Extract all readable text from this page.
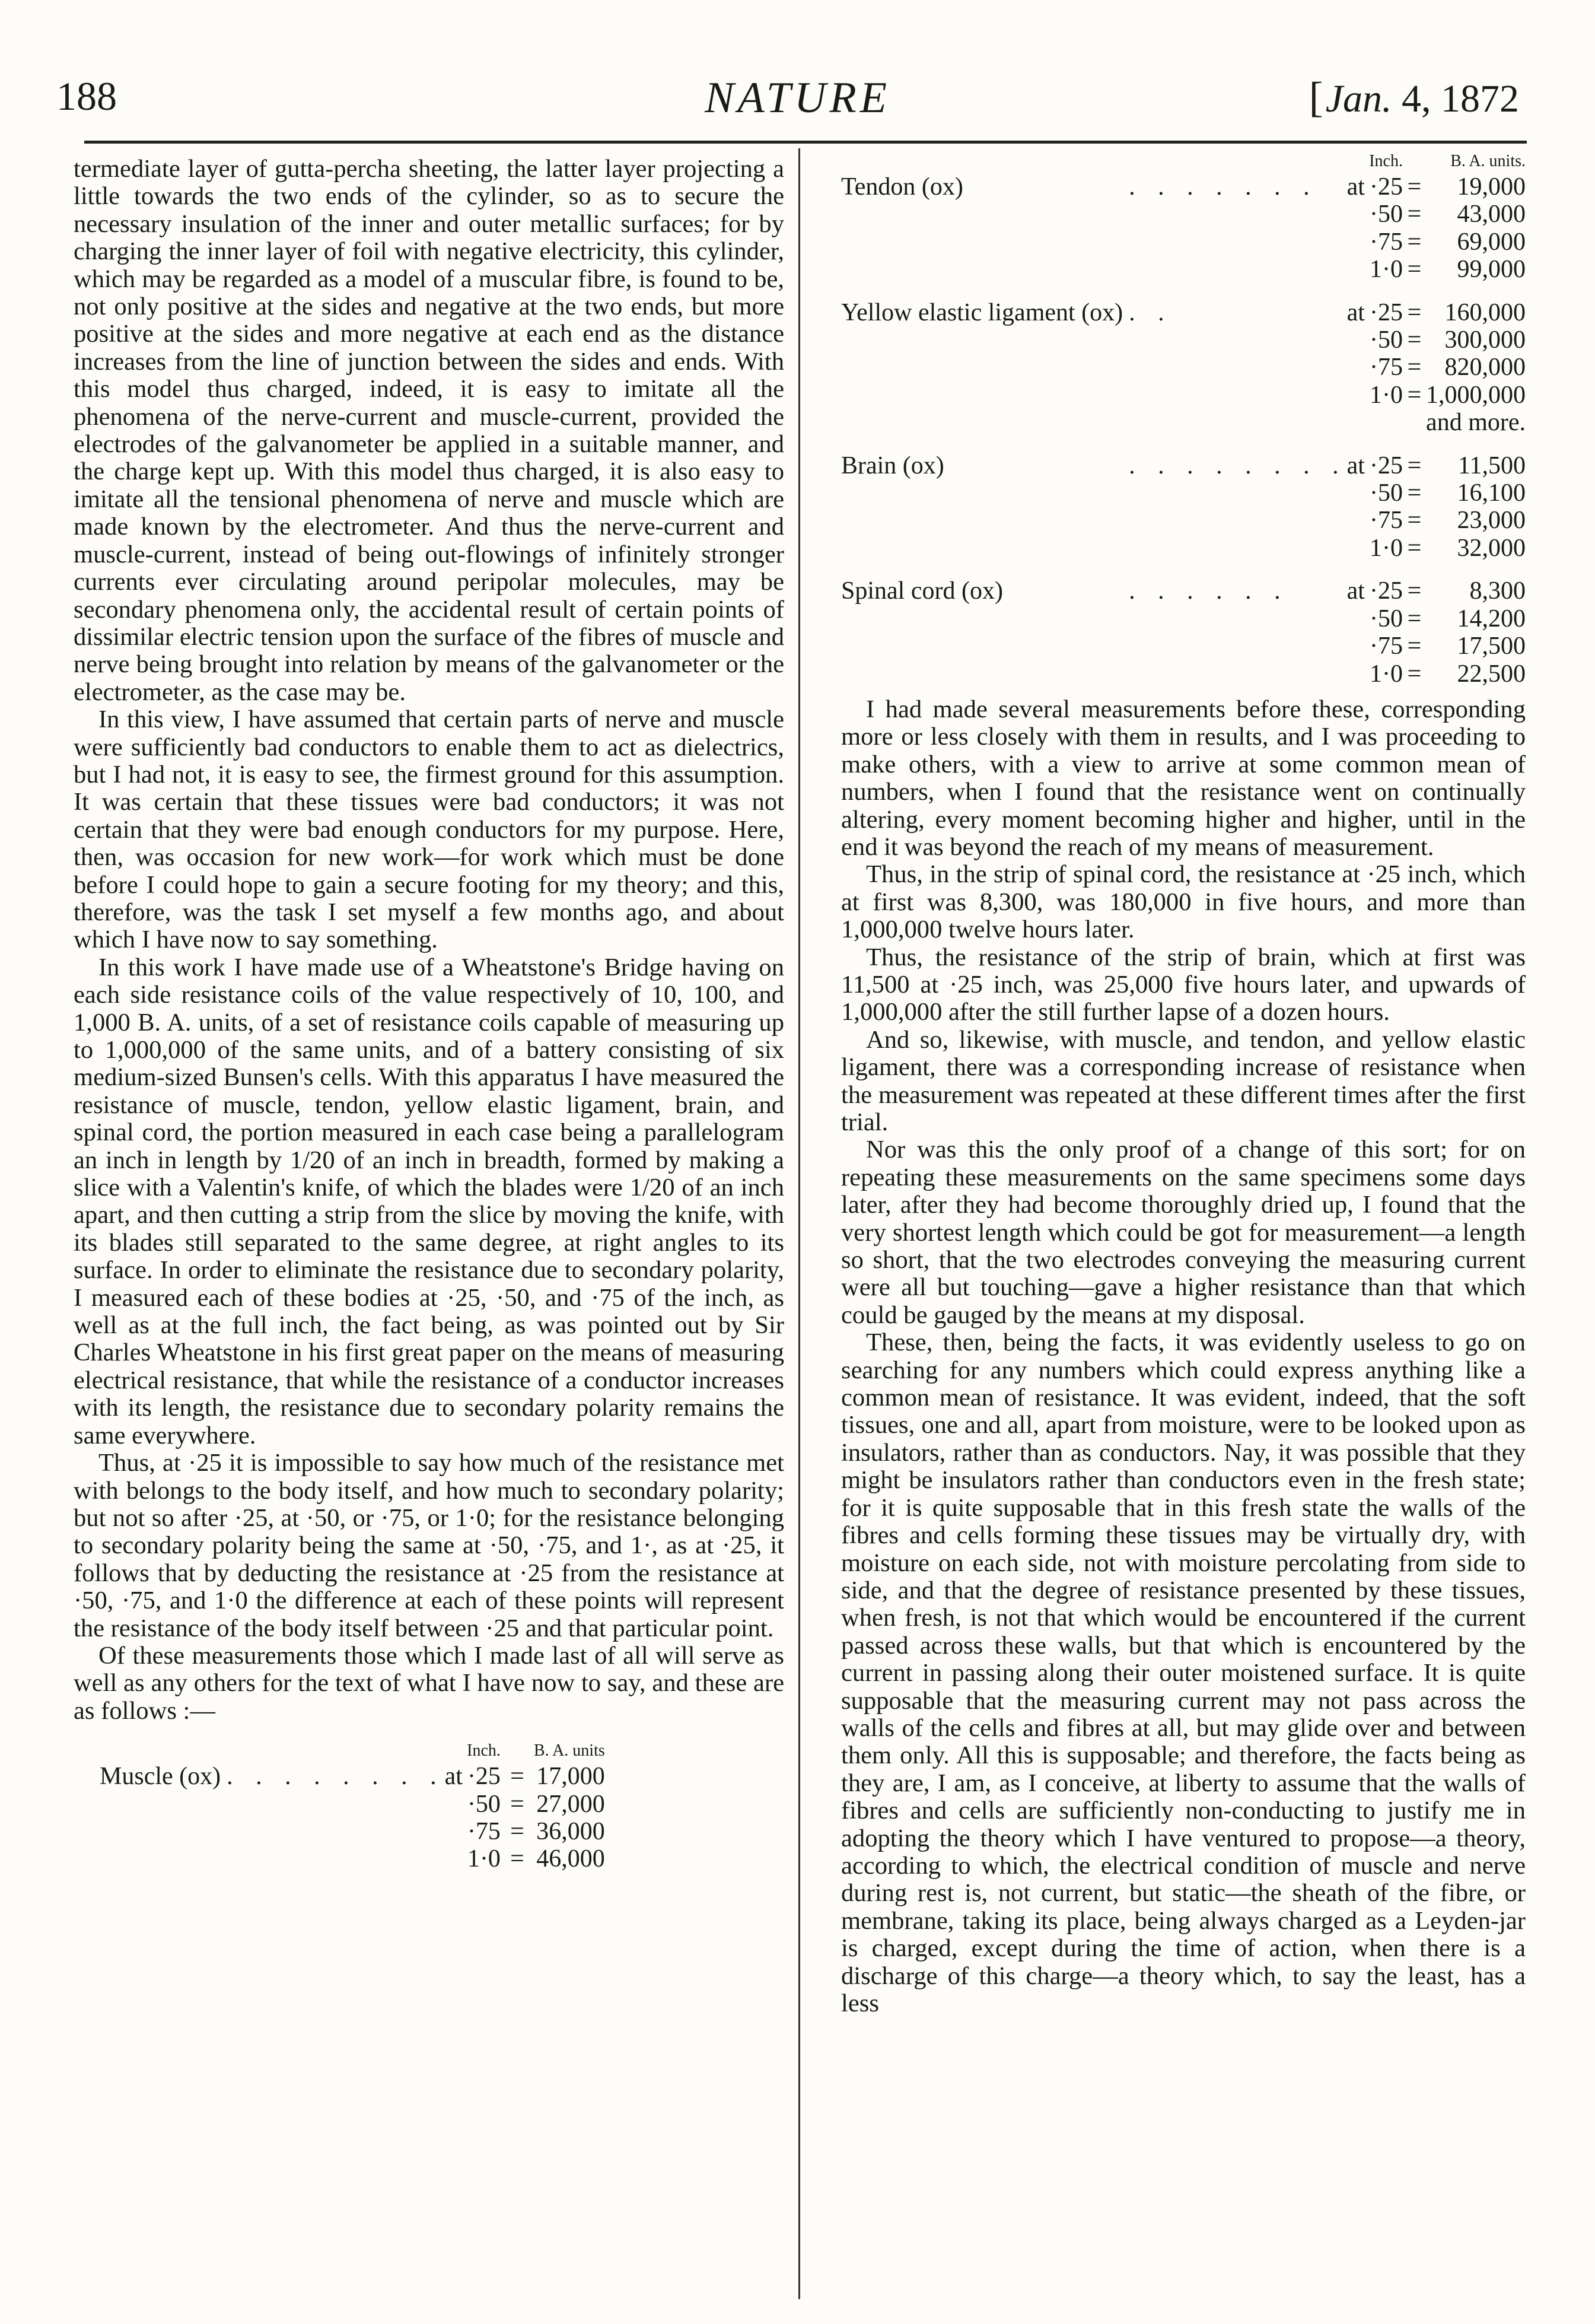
188	NATURE	[Jan. 4, 1872

termediate layer of gutta-percha sheeting, the latter layer projecting a little towards the two ends of the cylinder, so as to secure the necessary insulation of the inner and outer metallic surfaces; for by charging the inner layer of foil with negative electricity, this cylinder, which may be regarded as a model of a muscular fibre, is found to be, not only positive at the sides and negative at the two ends, but more positive at the sides and more negative at each end as the distance increases from the line of junction between the sides and ends. With this model thus charged, indeed, it is easy to imitate all the phenomena of the nerve-current and muscle-current, provided the electrodes of the galvanometer be applied in a suitable manner, and the charge kept up. With this model thus charged, it is also easy to imitate all the tensional phenomena of nerve and muscle which are made known by the electrometer. And thus the nerve-current and muscle-current, instead of being out-flowings of infinitely stronger currents ever circulating around peripolar molecules, may be secondary phenomena only, the accidental result of certain points of dissimilar electric tension upon the surface of the fibres of muscle and nerve being brought into relation by means of the galvanometer or the electrometer, as the case may be.

In this view, I have assumed that certain parts of nerve and muscle were sufficiently bad conductors to enable them to act as dielectrics, but I had not, it is easy to see, the firmest ground for this assumption. It was certain that these tissues were bad conductors; it was not certain that they were bad enough conductors for my purpose. Here, then, was occasion for new work—for work which must be done before I could hope to gain a secure footing for my theory; and this, therefore, was the task I set myself a few months ago, and about which I have now to say something.

In this work I have made use of a Wheatstone's Bridge having on each side resistance coils of the value respectively of 10, 100, and 1,000 B. A. units, of a set of resistance coils capable of measuring up to 1,000,000 of the same units, and of a battery consisting of six medium-sized Bunsen's cells. With this apparatus I have measured the resistance of muscle, tendon, yellow elastic ligament, brain, and spinal cord, the portion measured in each case being a parallelogram an inch in length by 1/20 of an inch in breadth, formed by making a slice with a Valentin's knife, of which the blades were 1/20 of an inch apart, and then cutting a strip from the slice by moving the knife, with its blades still separated to the same degree, at right angles to its surface. In order to eliminate the resistance due to secondary polarity, I measured each of these bodies at ·25, ·50, and ·75 of the inch, as well as at the full inch, the fact being, as was pointed out by Sir Charles Wheatstone in his first great paper on the means of measuring electrical resistance, that while the resistance of a conductor increases with its length, the resistance due to secondary polarity remains the same everywhere.

Thus, at ·25 it is impossible to say how much of the resistance met with belongs to the body itself, and how much to secondary polarity; but not so after ·25, at ·50, or ·75, or 1·0; for the resistance belonging to secondary polarity being the same at ·50, ·75, and 1·, as at ·25, it follows that by deducting the resistance at ·25 from the resistance at ·50, ·75, and 1·0 the difference at each of these points will represent the resistance of the body itself between ·25 and that particular point.

Of these measurements those which I made last of all will serve as well as any others for the text of what I have now to say, and these are as follows :—

		Inch.			B. A. units
Muscle (ox)	. . . . . . . .	at	·25	=	17,000
			·50	=	27,000
			·75	=	36,000
			1·0	=	46,000
		Inch.			B. A. units.
Tendon (ox)	. . . . . . .	at	·25	=	19,000
			·50	=	43,000
			·75	=	69,000
			1·0	=	99,000

Yellow elastic ligament (ox)	. .	at	·25	=	160,000
			·50	=	300,000
			·75	=	820,000
			1·0	=	1,000,000
					and more.

Brain (ox)	. . . . . . . .	at	·25	=	11,500
			·50	=	16,100
			·75	=	23,000
			1·0	=	32,000

Spinal cord (ox)	. . . . . .	at	·25	=	8,300
			·50	=	14,200
			·75	=	17,500
			1·0	=	22,500

I had made several measurements before these, corresponding more or less closely with them in results, and I was proceeding to make others, with a view to arrive at some common mean of numbers, when I found that the resistance went on continually altering, every moment becoming higher and higher, until in the end it was beyond the reach of my means of measurement.

Thus, in the strip of spinal cord, the resistance at ·25 inch, which at first was 8,300, was 180,000 in five hours, and more than 1,000,000 twelve hours later.

Thus, the resistance of the strip of brain, which at first was 11,500 at ·25 inch, was 25,000 five hours later, and upwards of 1,000,000 after the still further lapse of a dozen hours.

And so, likewise, with muscle, and tendon, and yellow elastic ligament, there was a corresponding increase of resistance when the measurement was repeated at these different times after the first trial.

Nor was this the only proof of a change of this sort; for on repeating these measurements on the same specimens some days later, after they had become thoroughly dried up, I found that the very shortest length which could be got for measurement—a length so short, that the two electrodes conveying the measuring current were all but touching—gave a higher resistance than that which could be gauged by the means at my disposal.

These, then, being the facts, it was evidently useless to go on searching for any numbers which could express anything like a common mean of resistance. It was evident, indeed, that the soft tissues, one and all, apart from moisture, were to be looked upon as insulators, rather than as conductors. Nay, it was possible that they might be insulators rather than conductors even in the fresh state; for it is quite supposable that in this fresh state the walls of the fibres and cells forming these tissues may be virtually dry, with moisture on each side, not with moisture percolating from side to side, and that the degree of resistance presented by these tissues, when fresh, is not that which would be encountered if the current passed across these walls, but that which is encountered by the current in passing along their outer moistened surface. It is quite supposable that the measuring current may not pass across the walls of the cells and fibres at all, but may glide over and between them only. All this is supposable; and therefore, the facts being as they are, I am, as I conceive, at liberty to assume that the walls of fibres and cells are sufficiently non-conducting to justify me in adopting the theory which I have ventured to propose—a theory, according to which, the electrical condition of muscle and nerve during rest is, not current, but static—the sheath of the fibre, or membrane, taking its place, being always charged as a Leyden-jar is charged, except during the time of action, when there is a discharge of this charge—a theory which, to say the least, has a less
